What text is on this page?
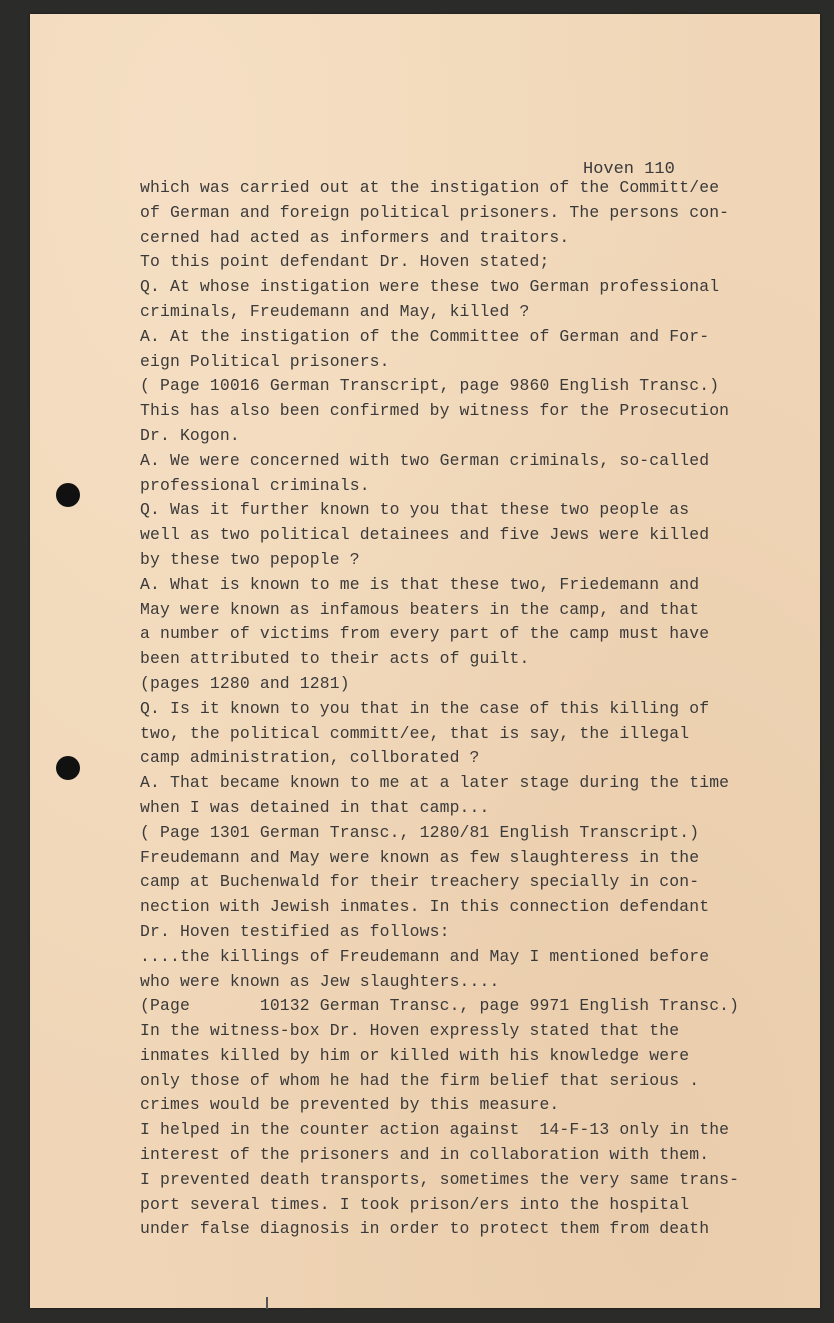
Hoven 110
which was carried out at the instigation of the Committ/ee
of German and foreign political prisoners. The persons con-
cerned had acted as informers and traitors.
To this point defendant Dr. Hoven stated;
Q. At whose instigation were these two German professional
criminals, Freudemann and May, killed ?
A. At the instigation of the Committee of German and For-
eign Political prisoners.
( Page 10016 German Transcript, page 9860 English Transc.)
This has also been confirmed by witness for the Prosecution
Dr. Kogon.
A. We were concerned with two German criminals, so-called
professional criminals.
Q. Was it further known to you that these two people as
well as two political detainees and five Jews were killed
by these two pepople ?
A. What is known to me is that these two, Friedemann and
May were known as infamous beaters in the camp, and that
a number of victims from every part of the camp must have
been attributed to their acts of guilt.
(pages 1280 and 1281)
Q. Is it known to you that in the case of this killing of
two, the political committ/ee, that is say, the illegal
camp administration, collborated ?
A. That became known to me at a later stage during the time
when I was detained in that camp...
( Page 1301 German Transc., 1280/81 English Transcript.)
Freudemann and May were known as few slaughteress in the
camp at Buchenwald for their treachery specially in con-
nection with Jewish inmates. In this connection defendant
Dr. Hoven testified as follows:
....the killings of Freudemann and May I mentioned before
who were known as Jew slaughters....
(Page       10132 German Transc., page 9971 English Transc.)
In the witness-box Dr. Hoven expressly stated that the
inmates killed by him or killed with his knowledge were
only those of whom he had the firm belief that serious .
crimes would be prevented by this measure.
I helped in the counter action against  14-F-13 only in the
interest of the prisoners and in collaboration with them.
I prevented death transports, sometimes the very same trans-
port several times. I took prison/ers into the hospital
under false diagnosis in order to protect them from death
